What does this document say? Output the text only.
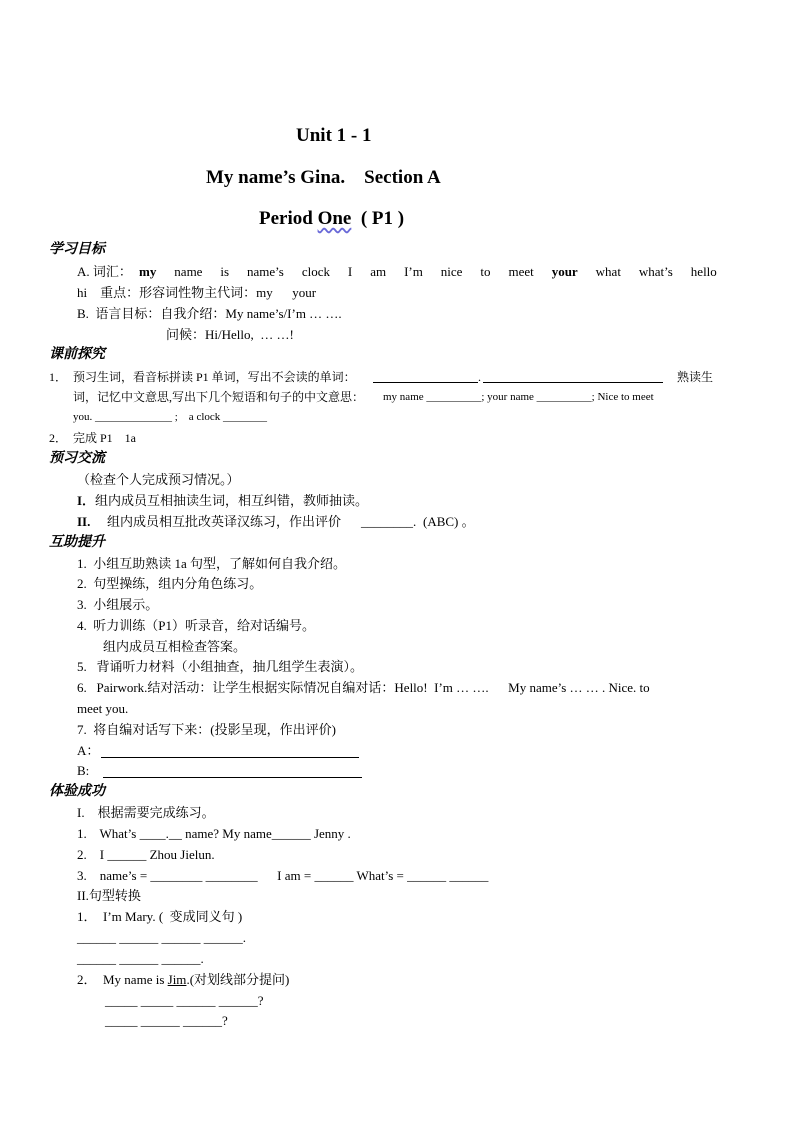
Unit 1 - 1
My name’s Gina.    Section A
Period One  ( P1 )
学习目标
A. 词汇： my name is name’s clock I am I’m nice to meet your what what’s hello
hi    重点：形容词性物主代词：my      your
B.  语言目标：自我介绍：My name’s/I’m … ….
问候：Hi/Hello,  … …!
课前探究
1． 预习生词，看音标拼读 P1 单词，写出不会读的单词：	.	熟读生
词，记忆中文意思,写出下几个短语和句子的中文意思： my name __________; your name __________; Nice to meet
you. ______________ ;    a clock ________
2．  完成 P1    1a
预习交流
（检查个人完成预习情况。）
I． 组内成员互相抽读生词，相互纠错，教师抽读。
II. 组内成员相互批改英译汉练习，作出评价 ________. (ABC) 。
互助提升
1.  小组互助熟读 1a 句型，了解如何自我介绍。
2.  句型操练，组内分角色练习。
3.  小组展示。
4.  听力训练（P1）听录音，给对话编号。
组内成员互相检查答案。
5.   背诵听力材料（小组抽查，抽几组学生表演）。
6.   Pairwork.结对活动：让学生根据实际情况自编对话：Hello!  I’m … ….      My name’s … … . Nice. to
meet you.
7.  将自编对话写下来：(投影呈现，作出评价)
A：
B:
体验成功
I.    根据需要完成练习。
1.    What’s ____.__ name? My name______ Jenny .
2.    I ______ Zhou Jielun.
3.    name’s = ________ ________      I am = ______ What’s = ______ ______
II.句型转换
1．  I’m Mary. (  变成同义句 )
______ ______ ______ ______.
______ ______ ______.
2．  My name is Jim.(对划线部分提问)
_____ _____ ______ ______?
_____ ______ ______?
